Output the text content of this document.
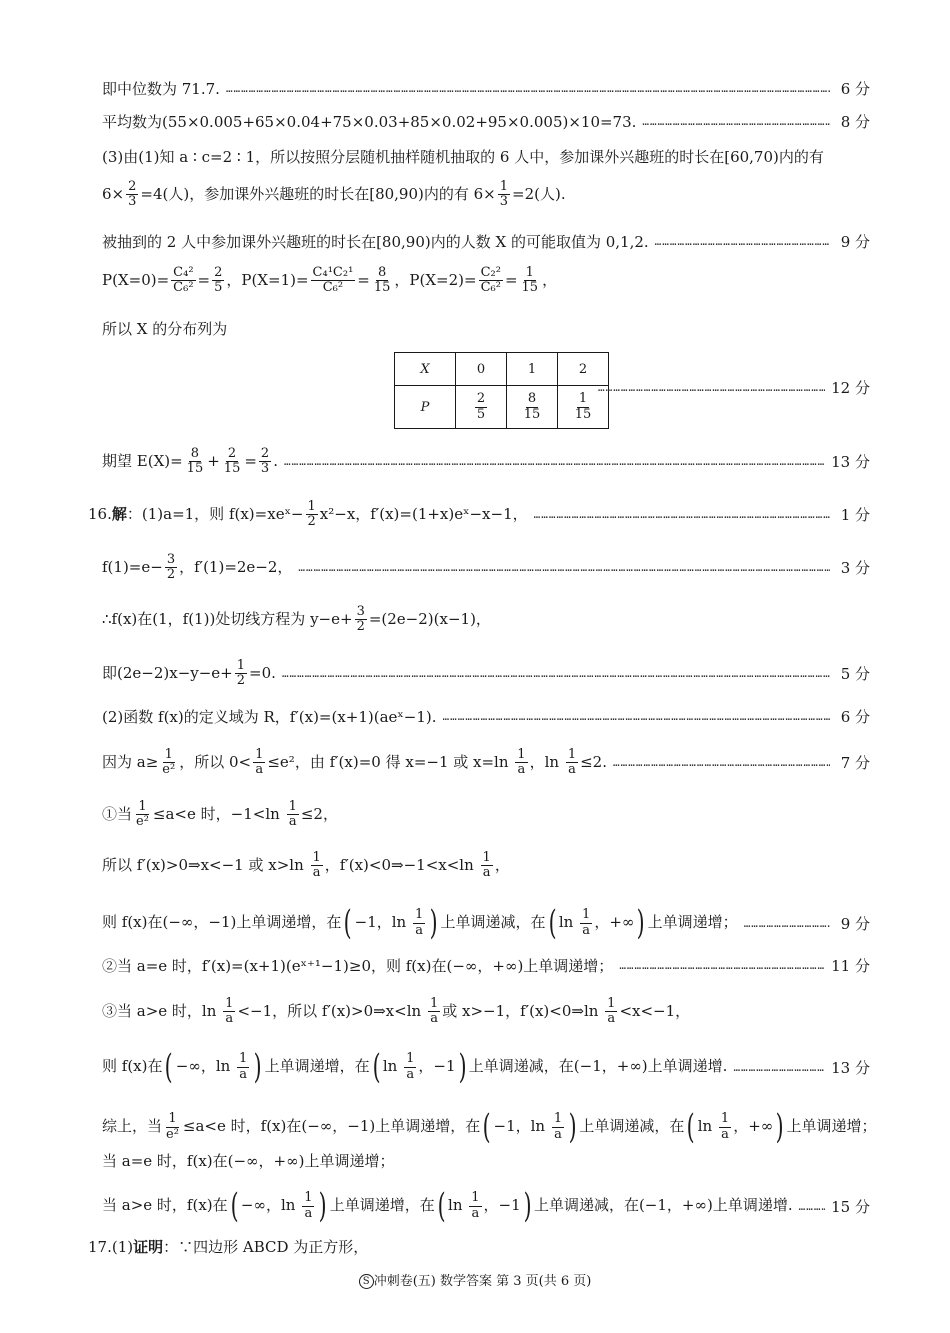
即中位数为 71.7. …………………………………………………………………………………………………………………………………………………………………………………………………………………………………………………………	6 分
平均数为(55×0.005+65×0.04+75×0.03+85×0.02+95×0.005)×10=73. …………………………………………………………………………………………………………………………………………………………………………………………………………………………………………………………	8 分
(3)由(1)知 a ∶ c=2 ∶ 1，所以按照分层随机抽样随机抽取的 6 人中，参加课外兴趣班的时长在[60,70)内的有
$6\times \frac{2}{3} =4$(人)，参加课外兴趣班的时长在[80,90)内的有 $6\times \frac{1}{3} =2$(人).
被抽到的 2 人中参加课外兴趣班的时长在[80,90)内的人数 X 的可能取值为 0,1,2. …………………………………………………………………………………………………………………………………………………………………………………………………………………………………………………………	9 分
$P(X=0)= \frac{\text{C₄²}}{\text{C₆²}} = \frac{2}{5}$ ，$P(X=1)= \frac{\text{C₄¹C₂¹}}{\text{C₆²}} = \frac{8}{15}$ ，$P(X=2)= \frac{\text{C₂²}}{\text{C₆²}} = \frac{1}{15}$ ，
所以 X 的分布列为
X	0	1	2
P	$\frac{2}{5}$	$\frac{8}{15}$	$\frac{1}{15}$
…………………………………………………………………………………………………………………………………………………………………………………………………………………………………………………………
12 分
期望 $E(X)= \frac{8}{15} + \frac{2}{15} = \frac{2}{3}$ . …………………………………………………………………………………………………………………………………………………………………………………………………………………………………………………………	13 分
16.解：(1)a=1，则 f(x)=xeˣ− $\frac{1}{2} x^2-x$，f′(x)=(1+x)eˣ−x−1， …………………………………………………………………………………………………………………………………………………………………………………………………………………………………………………………	1 分
$f(1)=e- \frac{3}{2}$ ，f′(1)=2e−2， …………………………………………………………………………………………………………………………………………………………………………………………………………………………………………………………	3 分
∴f(x)在(1，f(1))处切线方程为 $y-e+ \frac{3}{2} =(2e-2)(x-1)$，
即$(2e-2)x-y-e+ \frac{1}{2} =0$. …………………………………………………………………………………………………………………………………………………………………………………………………………………………………………………………	5 分
(2)函数 f(x)的定义域为 R，f′(x)=(x+1)(aeˣ−1). …………………………………………………………………………………………………………………………………………………………………………………………………………………………………………………………	6 分
因为 $a\ge \frac{1}{\text{e²}}$ ，所以 $0< \frac{1}{a} \le e^2$，由 f′(x)=0 得 x=−1 或 $x=\ln \frac{1}{a}$ ，$\ln \frac{1}{a} \le 2$. …………………………………………………………………………………………………………………………………………………………………………………………………………………………………………………………	7 分
①当 $\frac{1}{\text{e²}} \le a<e$ 时，$-1<\ln \frac{1}{a} \le 2$，
所以 f′(x)>0⇒x<−1 或 $x>\ln \frac{1}{a}$ ，f′(x)<0⇒−1<x<ln $\frac{1}{a}$ ，
则 f(x)在(−∞，−1)上单调递增，在( −1，$\ln \frac{1}{a}$ ) 上单调递减，在( $\ln \frac{1}{a}$ ，+∞) 上单调递增； …………………………………………………………………………………………………………………………………………………………………………………………………………………………………………………………	9 分
②当 a=e 时，f′(x)=(x+1)(eˣ⁺¹−1)≥0，则 f(x)在(−∞，+∞)上单调递增； …………………………………………………………………………………………………………………………………………………………………………………………………………………………………………………………	11 分
③当 a>e 时，$\ln \frac{1}{a} <-1$，所以 f′(x)>0⇒x<ln $\frac{1}{a}$ 或 x>−1，f′(x)<0⇒ln $\frac{1}{a} <x<-1$，
则 f(x)在( −∞，$\ln \frac{1}{a}$ ) 上单调递增，在( $\ln \frac{1}{a}$ ，−1) 上单调递减，在(−1，+∞)上单调递增. …………………………………………………………………………………………………………………………………………………………………………………………………………………………………………………………	13 分
综上，当 $\frac{1}{\text{e²}} \le a<e$ 时，f(x)在(−∞，−1)上单调递增，在( −1，$\ln \frac{1}{a}$ ) 上单调递减，在( $\ln \frac{1}{a}$ ，+∞) 上单调递增；
当 a=e 时，f(x)在(−∞，+∞)上单调递增；
当 a>e 时，f(x)在( −∞，$\ln \frac{1}{a}$ ) 上单调递增，在( $\ln \frac{1}{a}$ ，−1) 上单调递减，在(−1，+∞)上单调递增. …………………………………………………………………………………………………………………………………………………………………………………………………………………………………………………………	15 分
17.(1)证明：∵四边形 ABCD 为正方形，
S 冲刺卷(五) 数学答案 第 3 页(共 6 页)
